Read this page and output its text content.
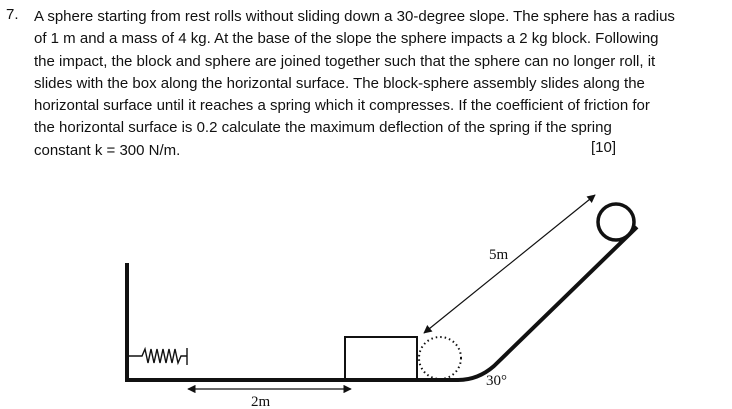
7. A sphere starting from rest rolls without sliding down a 30-degree slope. The sphere has a radius
of 1 m and a mass of 4 kg. At the base of the slope the sphere impacts a 2 kg block. Following
the impact, the block and sphere are joined together such that the sphere can no longer roll, it
slides with the box along the horizontal surface. The block-sphere assembly slides along the
horizontal surface until it reaches a spring which it compresses. If the coefficient of friction for
the horizontal surface is 0.2 calculate the maximum deflection of the spring if the spring
constant k = 300 N/m.	[10]
5m
30°
2m
